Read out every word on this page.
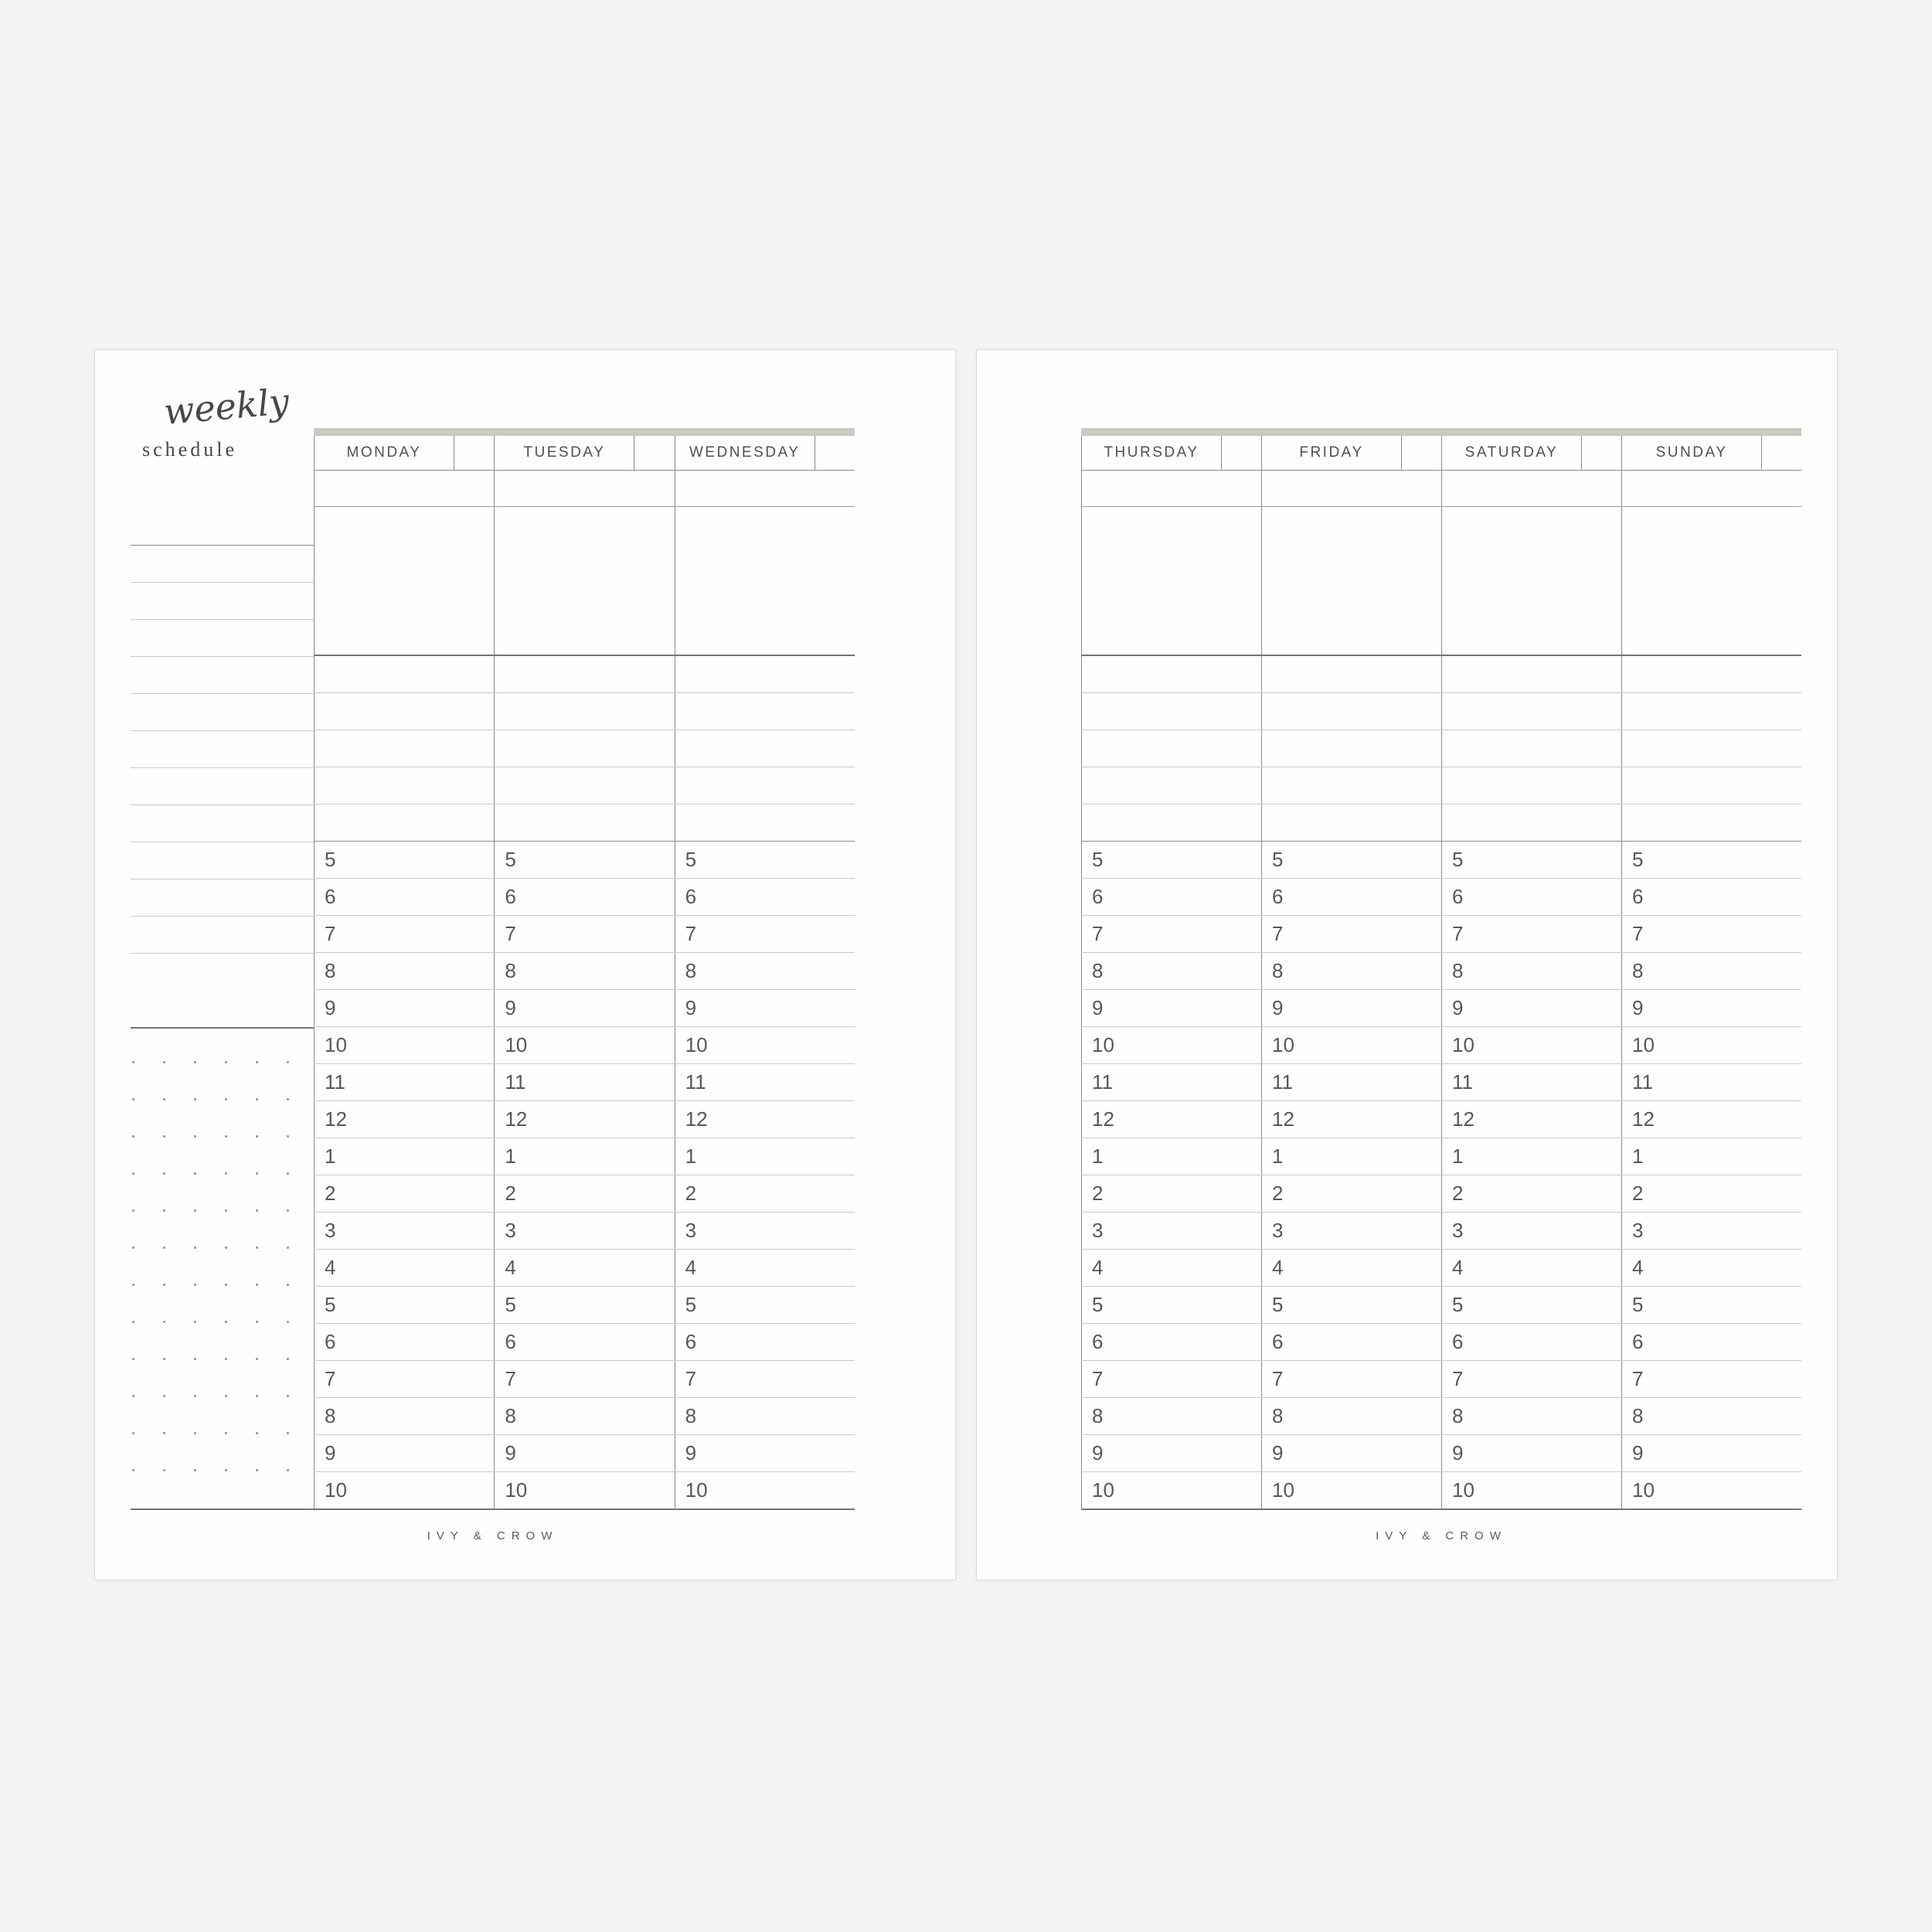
weekly
schedule	MONDAY	TUESDAY	WEDNESDAY
5	5	5
6	6	6
7	7	7
8	8	8
9	9	9
10	10	10
11	11	11
12	12	12
1	1	1
2	2	2
3	3	3
4	4	4
5	5	5
6	6	6
7	7	7
8	8	8
9	9	9
10	10	10
IVY & CROW
THURSDAY	FRIDAY	SATURDAY	SUNDAY
5	5	5	5
6	6	6	6
7	7	7	7
8	8	8	8
9	9	9	9
10	10	10	10
11	11	11	11
12	12	12	12
1	1	1	1
2	2	2	2
3	3	3	3
4	4	4	4
5	5	5	5
6	6	6	6
7	7	7	7
8	8	8	8
9	9	9	9
10	10	10	10
IVY & CROW
